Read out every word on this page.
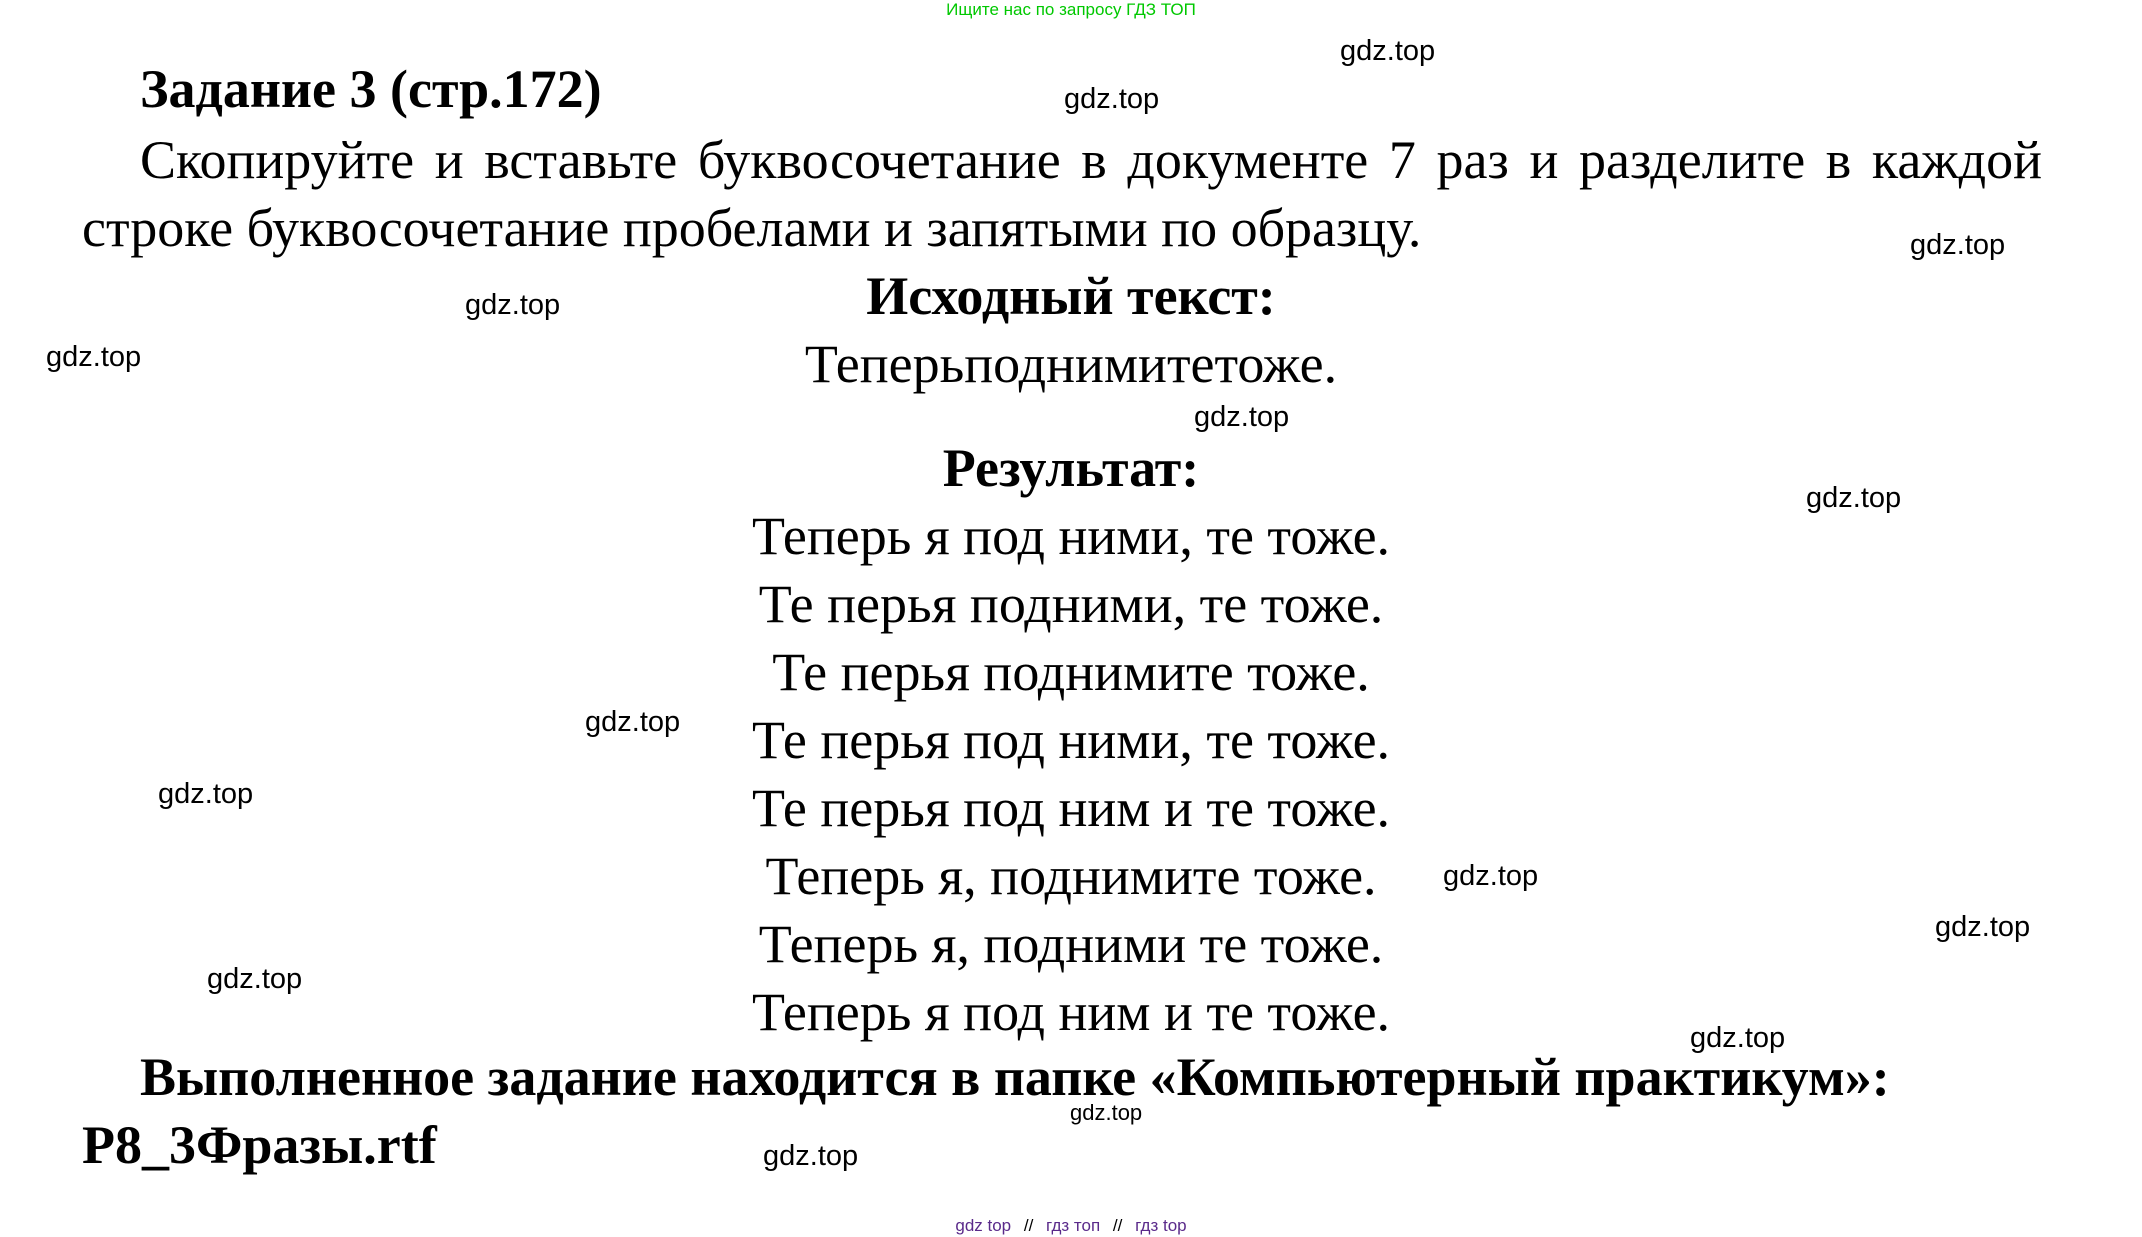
Ищите нас по запросу ГДЗ ТОП
Задание 3 (стр.172)
Скопируйте и вставьте буквосочетание в документе 7 раз и разделите в каждой строке буквосочетание пробелами и запятыми по образцу.
Исходный текст:
Теперьподнимитетоже.
Результат:
Теперь я под ними, те тоже.
Те перья подними, те тоже.
Те перья поднимите тоже.
Те перья под ними, те тоже.
Те перья под ним и те тоже.
Теперь я, поднимите тоже.
Теперь я, подними те тоже.
Теперь я под ним и те тоже.
Выполненное задание находится в папке «Компьютерный практикум»:
P8_3Фразы.rtf
gdz.top
gdz.top
gdz.top
gdz.top
gdz.top
gdz.top
gdz.top
gdz.top
gdz.top
gdz.top
gdz.top
gdz.top
gdz.top
gdz.top
gdz.top
gdz top // гдз топ // гдз top
